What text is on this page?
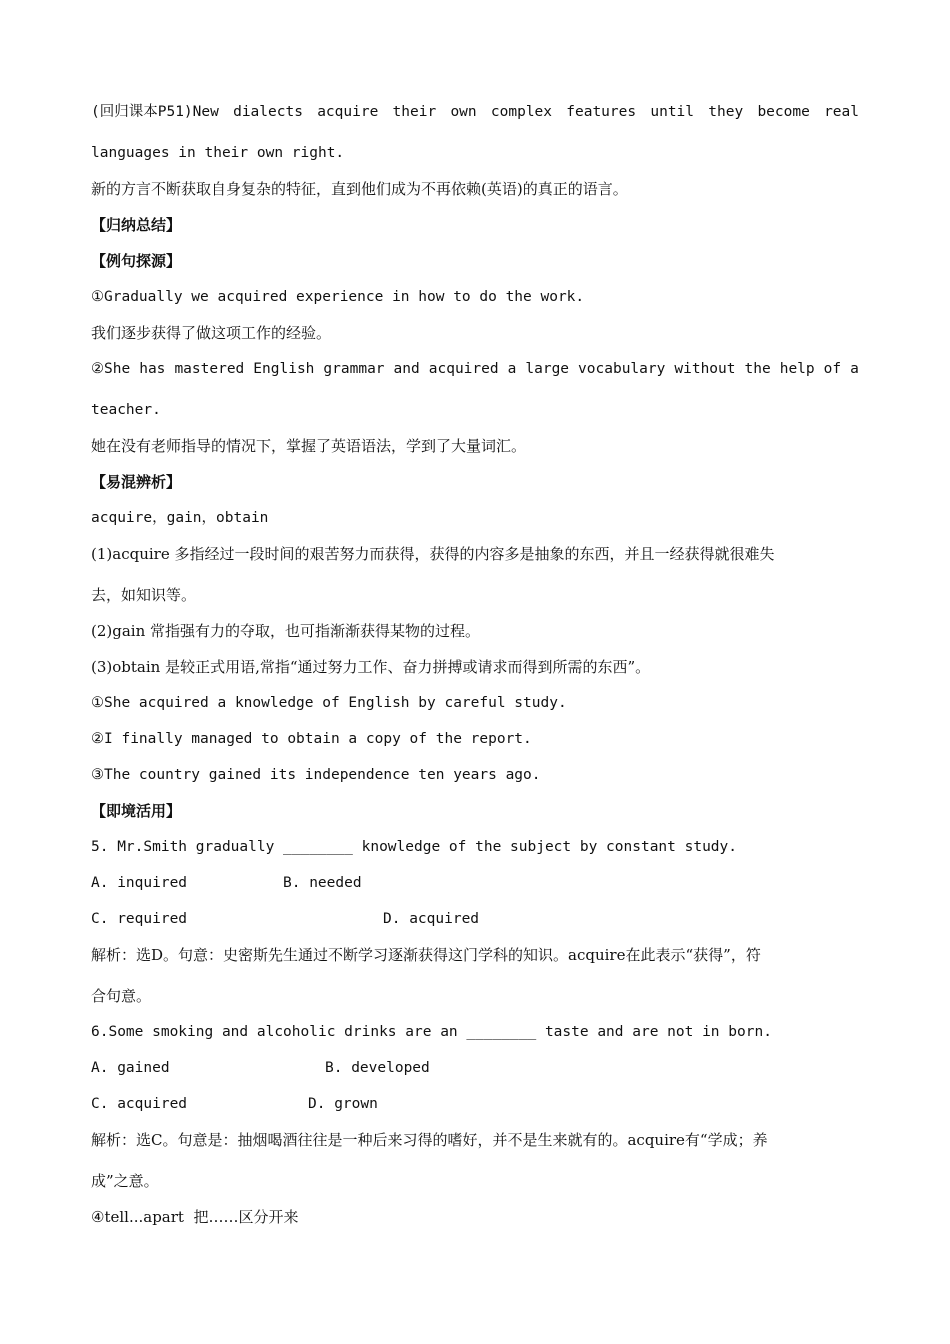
(回归课本P51)New dialects acquire their own complex features until they become real
languages in their own right.
新的方言不断获取自身复杂的特征，直到他们成为不再依赖(英语)的真正的语言。
【归纳总结】
【例句探源】
①Gradually we acquired experience in how to do the work.
我们逐步获得了做这项工作的经验。
②She has mastered English grammar and acquired a large vocabulary without the help of a
teacher.
她在没有老师指导的情况下，掌握了英语语法，学到了大量词汇。
【易混辨析】
acquire，gain，obtain
(1)acquire 多指经过一段时间的艰苦努力而获得，获得的内容多是抽象的东西，并且一经获得就很难失
去，如知识等。
(2)gain 常指强有力的夺取，也可指渐渐获得某物的过程。
(3)obtain 是较正式用语,常指“通过努力工作、奋力拼搏或请求而得到所需的东西”。
①She acquired a knowledge of English by careful study.
②I finally managed to obtain a copy of the report.
③The country gained its independence ten years ago.
【即境活用】
5. Mr.Smith gradually ________ knowledge of the subject by constant study.
A. inquired	B. needed
C. required	D. acquired
解析：选D。句意：史密斯先生通过不断学习逐渐获得这门学科的知识。acquire在此表示“获得”，符
合句意。
6.Some smoking and alcoholic drinks are an ________ taste and are not in born.
A. gained	B. developed
C. acquired	D. grown
解析：选C。句意是：抽烟喝酒往往是一种后来习得的嗜好，并不是生来就有的。acquire有“学成；养
成”之意。
④tell...apart  把……区分开来
